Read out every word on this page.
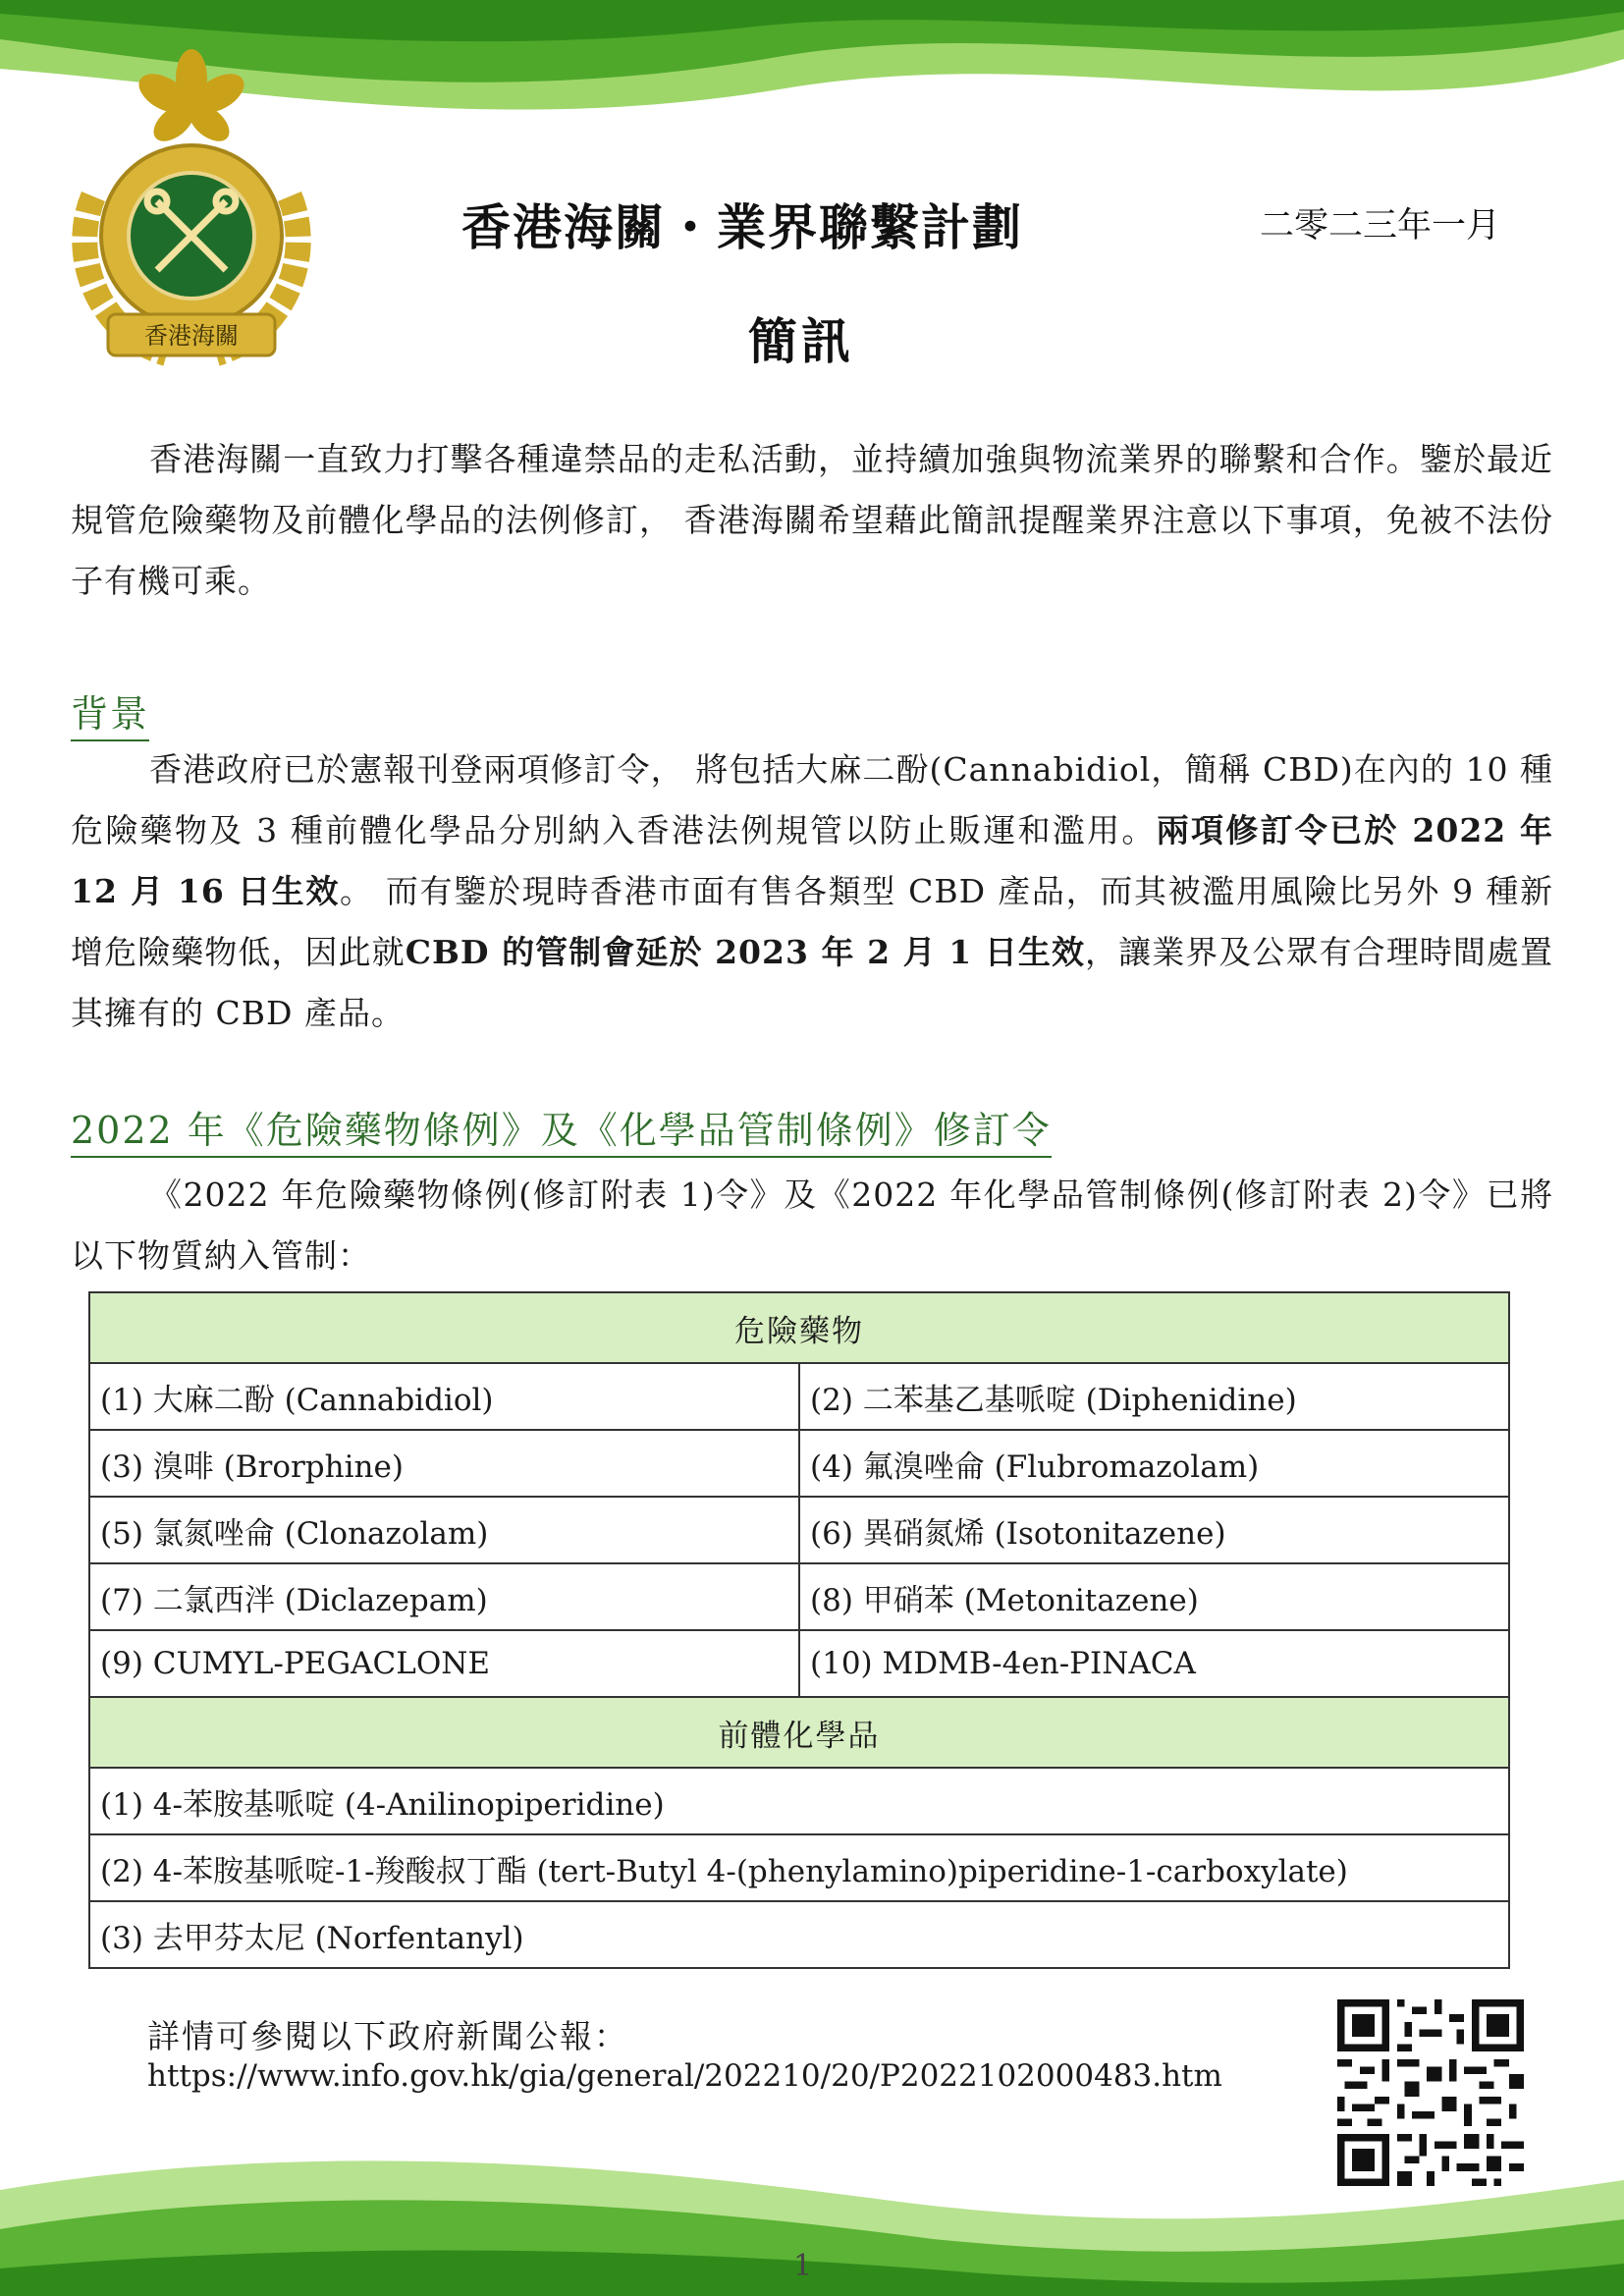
香港海關
香港海關・業界聯繫計劃	二零二三年一月
簡訊
香港海關一直致力打擊各種違禁品的走私活動，並持續加強與物流業界的聯繫和合作。鑒於最近規管危險藥物及前體化學品的法例修訂， 香港海關希望藉此簡訊提醒業界注意以下事項，免被不法份子有機可乘。
背景
香港政府已於憲報刊登兩項修訂令， 將包括大麻二酚(Cannabidiol，簡稱 CBD)在內的 10 種危險藥物及 3 種前體化學品分別納入香港法例規管以防止販運和濫用。兩項修訂令已於 2022 年 12 月 16 日生效。 而有鑒於現時香港市面有售各類型 CBD 產品，而其被濫用風險比另外 9 種新增危險藥物低，因此就CBD 的管制會延於 2023 年 2 月 1 日生效，讓業界及公眾有合理時間處置其擁有的 CBD 產品。
2022 年《危險藥物條例》及《化學品管制條例》修訂令
《2022 年危險藥物條例(修訂附表 1)令》及《2022 年化學品管制條例(修訂附表 2)令》已將以下物質納入管制：
危險藥物	
(1) 大麻二酚 (Cannabidiol)	(2) 二苯基乙基哌啶 (Diphenidine)
(3) 溴啡 (Brorphine)	(4) 氟溴唑侖 (Flubromazolam)
(5) 氯氮唑侖 (Clonazolam)	(6) 異硝氮烯 (Isotonitazene)
(7) 二氯西泮 (Diclazepam)	(8) 甲硝苯 (Metonitazene)
(9) CUMYL-PEGACLONE	(10) MDMB-4en-PINACA
前體化學品	
(1) 4-苯胺基哌啶 (4-Anilinopiperidine)	
(2) 4-苯胺基哌啶-1-羧酸叔丁酯 (tert-Butyl 4-(phenylamino)piperidine-1-carboxylate)	
(3) 去甲芬太尼 (Norfentanyl)	
詳情可參閱以下政府新聞公報：
https://www.info.gov.hk/gia/general/202210/20/P2022102000483.htm
1
